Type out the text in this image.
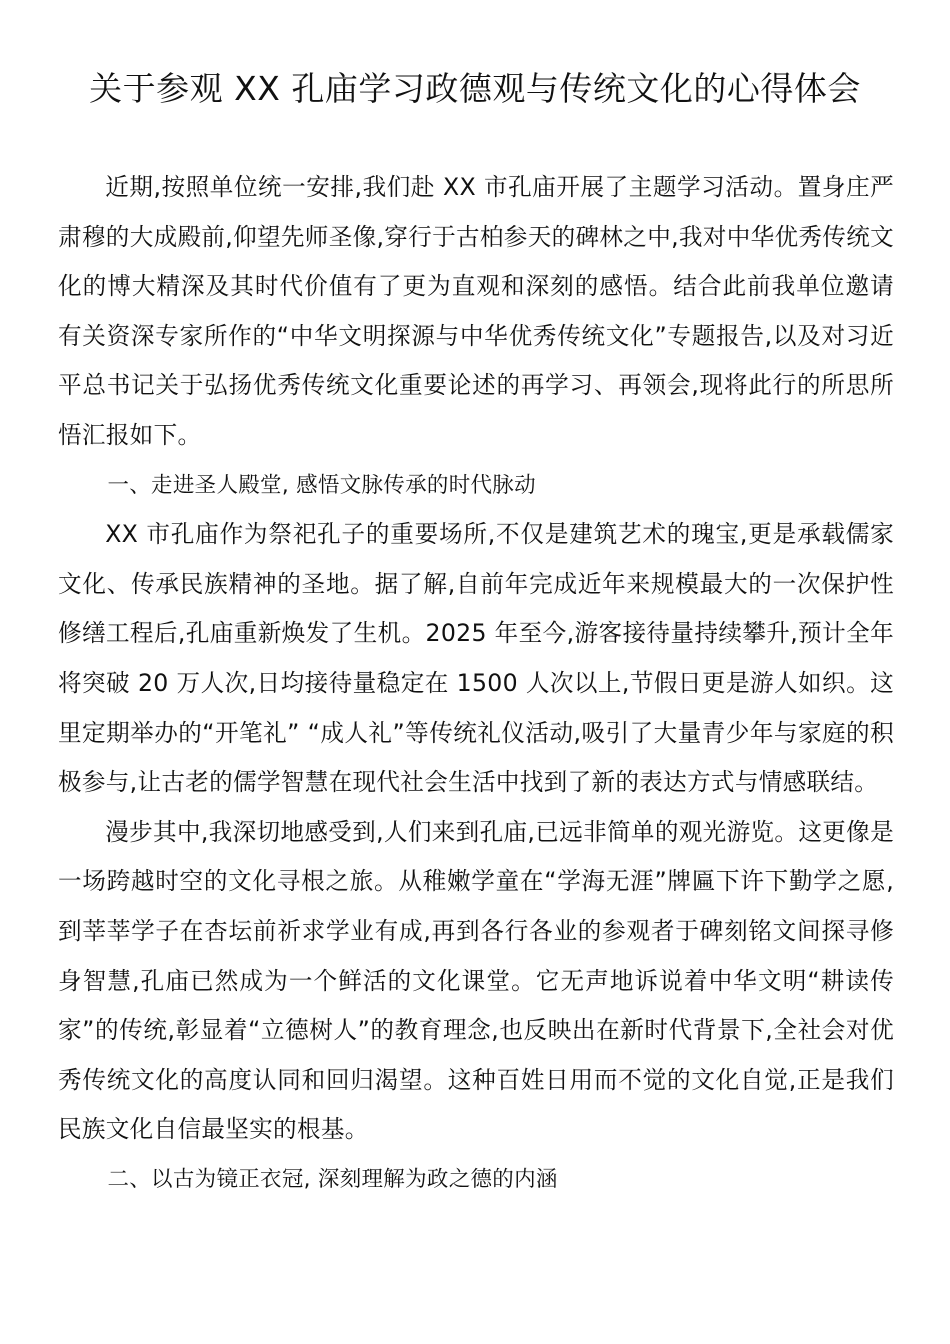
关于参观 XX 孔庙学习政德观与传统文化的心得体会

近期,按照单位统一安排,我们赴 XX 市孔庙开展了主题学习活动。置身庄严肃穆的大成殿前,仰望先师圣像,穿行于古柏参天的碑林之中,我对中华优秀传统文化的博大精深及其时代价值有了更为直观和深刻的感悟。结合此前我单位邀请有关资深专家所作的“中华文明探源与中华优秀传统文化”专题报告,以及对习近平总书记关于弘扬优秀传统文化重要论述的再学习、再领会,现将此行的所思所悟汇报如下。

一、走进圣人殿堂, 感悟文脉传承的时代脉动

XX 市孔庙作为祭祀孔子的重要场所,不仅是建筑艺术的瑰宝,更是承载儒家文化、传承民族精神的圣地。据了解,自前年完成近年来规模最大的一次保护性修缮工程后,孔庙重新焕发了生机。2025 年至今,游客接待量持续攀升,预计全年将突破 20 万人次,日均接待量稳定在 1500 人次以上,节假日更是游人如织。这里定期举办的“开笔礼” “成人礼”等传统礼仪活动,吸引了大量青少年与家庭的积极参与,让古老的儒学智慧在现代社会生活中找到了新的表达方式与情感联结。

漫步其中,我深切地感受到,人们来到孔庙,已远非简单的观光游览。这更像是一场跨越时空的文化寻根之旅。从稚嫩学童在“学海无涯”牌匾下许下勤学之愿,到莘莘学子在杏坛前祈求学业有成,再到各行各业的参观者于碑刻铭文间探寻修身智慧,孔庙已然成为一个鲜活的文化课堂。它无声地诉说着中华文明“耕读传家”的传统,彰显着“立德树人”的教育理念,也反映出在新时代背景下,全社会对优秀传统文化的高度认同和回归渴望。这种百姓日用而不觉的文化自觉,正是我们民族文化自信最坚实的根基。

二、以古为镜正衣冠, 深刻理解为政之德的内涵
